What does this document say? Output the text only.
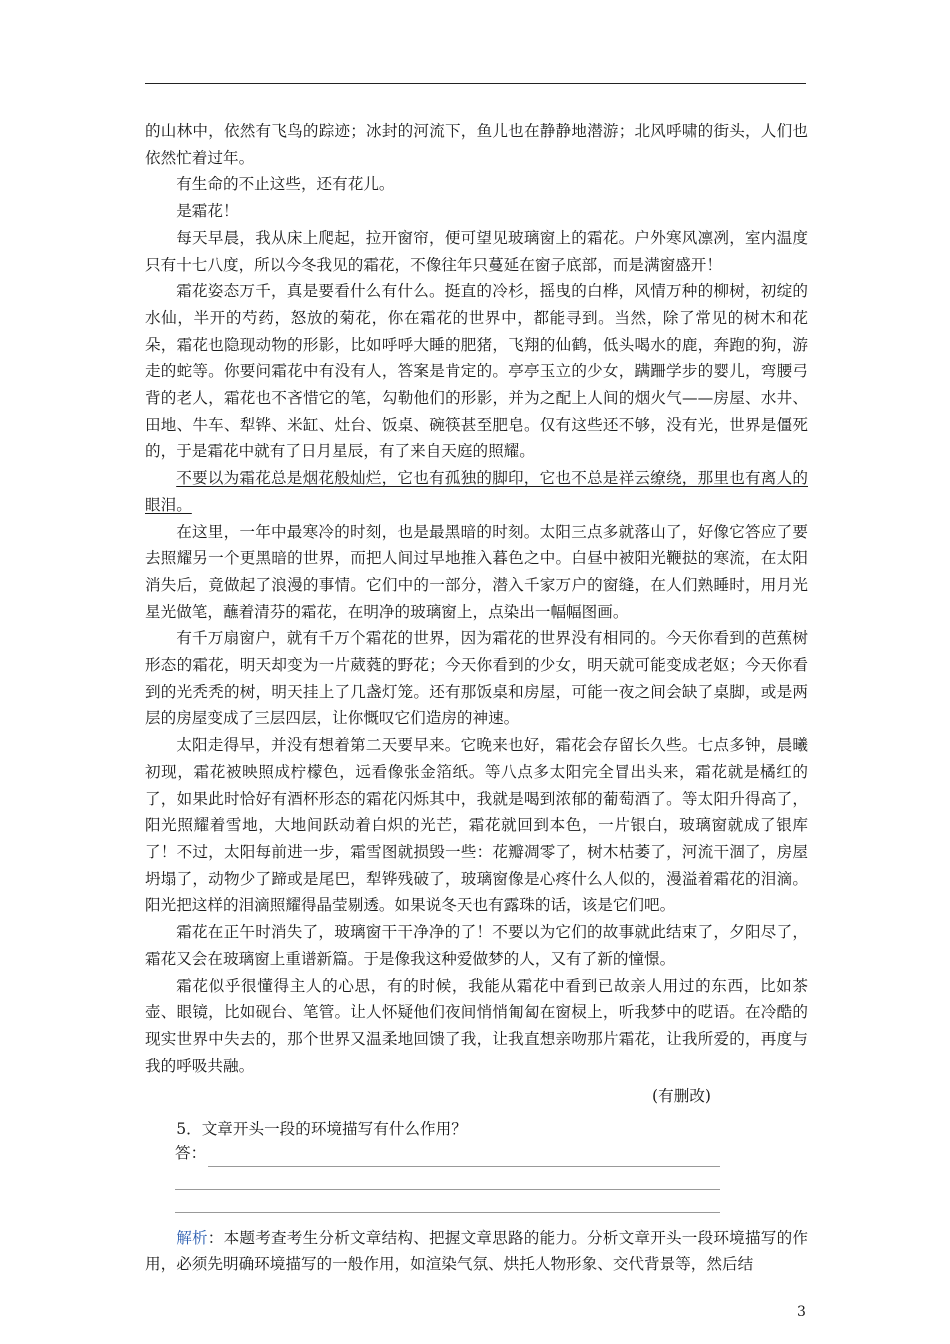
的山林中，依然有飞鸟的踪迹；冰封的河流下，鱼儿也在静静地潜游；北风呼啸的街头，人们也依然忙着过年。

有生命的不止这些，还有花儿。

是霜花！

每天早晨，我从床上爬起，拉开窗帘，便可望见玻璃窗上的霜花。户外寒风凛冽，室内温度只有十七八度，所以今冬我见的霜花，不像往年只蔓延在窗子底部，而是满窗盛开！

霜花姿态万千，真是要看什么有什么。挺直的冷杉，摇曳的白桦，风情万种的柳树，初绽的水仙，半开的芍药，怒放的菊花，你在霜花的世界中，都能寻到。当然，除了常见的树木和花朵，霜花也隐现动物的形影，比如呼呼大睡的肥猪，飞翔的仙鹤，低头喝水的鹿，奔跑的狗，游走的蛇等。你要问霜花中有没有人，答案是肯定的。亭亭玉立的少女，蹒跚学步的婴儿，弯腰弓背的老人，霜花也不吝惜它的笔，勾勒他们的形影，并为之配上人间的烟火气——房屋、水井、田地、牛车、犁铧、米缸、灶台、饭桌、碗筷甚至肥皂。仅有这些还不够，没有光，世界是僵死的，于是霜花中就有了日月星辰，有了来自天庭的照耀。

不要以为霜花总是烟花般灿烂，它也有孤独的脚印，它也不总是祥云缭绕，那里也有离人的眼泪。

在这里，一年中最寒冷的时刻，也是最黑暗的时刻。太阳三点多就落山了，好像它答应了要去照耀另一个更黑暗的世界，而把人间过早地推入暮色之中。白昼中被阳光鞭挞的寒流，在太阳消失后，竟做起了浪漫的事情。它们中的一部分，潜入千家万户的窗缝，在人们熟睡时，用月光星光做笔，蘸着清芬的霜花，在明净的玻璃窗上，点染出一幅幅图画。

有千万扇窗户，就有千万个霜花的世界，因为霜花的世界没有相同的。今天你看到的芭蕉树形态的霜花，明天却变为一片葳蕤的野花；今天你看到的少女，明天就可能变成老妪；今天你看到的光秃秃的树，明天挂上了几盏灯笼。还有那饭桌和房屋，可能一夜之间会缺了桌脚，或是两层的房屋变成了三层四层，让你慨叹它们造房的神速。

太阳走得早，并没有想着第二天要早来。它晚来也好，霜花会存留长久些。七点多钟，晨曦初现，霜花被映照成柠檬色，远看像张金箔纸。等八点多太阳完全冒出头来，霜花就是橘红的了，如果此时恰好有酒杯形态的霜花闪烁其中，我就是喝到浓郁的葡萄酒了。等太阳升得高了，阳光照耀着雪地，大地间跃动着白炽的光芒，霜花就回到本色，一片银白，玻璃窗就成了银库了！不过，太阳每前进一步，霜雪图就损毁一些：花瓣凋零了，树木枯萎了，河流干涸了，房屋坍塌了，动物少了蹄或是尾巴，犁铧残破了，玻璃窗像是心疼什么人似的，漫溢着霜花的泪滴。阳光把这样的泪滴照耀得晶莹剔透。如果说冬天也有露珠的话，该是它们吧。

霜花在正午时消失了，玻璃窗干干净净的了！不要以为它们的故事就此结束了，夕阳尽了，霜花又会在玻璃窗上重谱新篇。于是像我这种爱做梦的人，又有了新的憧憬。

霜花似乎很懂得主人的心思，有的时候，我能从霜花中看到已故亲人用过的东西，比如茶壶、眼镜，比如砚台、笔管。让人怀疑他们夜间悄悄匍匐在窗棂上，听我梦中的呓语。在冷酷的现实世界中失去的，那个世界又温柔地回馈了我，让我直想亲吻那片霜花，让我所爱的，再度与我的呼吸共融。

(有删改)

5．文章开头一段的环境描写有什么作用？

答：

解析：本题考查考生分析文章结构、把握文章思路的能力。分析文章开头一段环境描写的作用，必须先明确环境描写的一般作用，如渲染气氛、烘托人物形象、交代背景等，然后结

3
